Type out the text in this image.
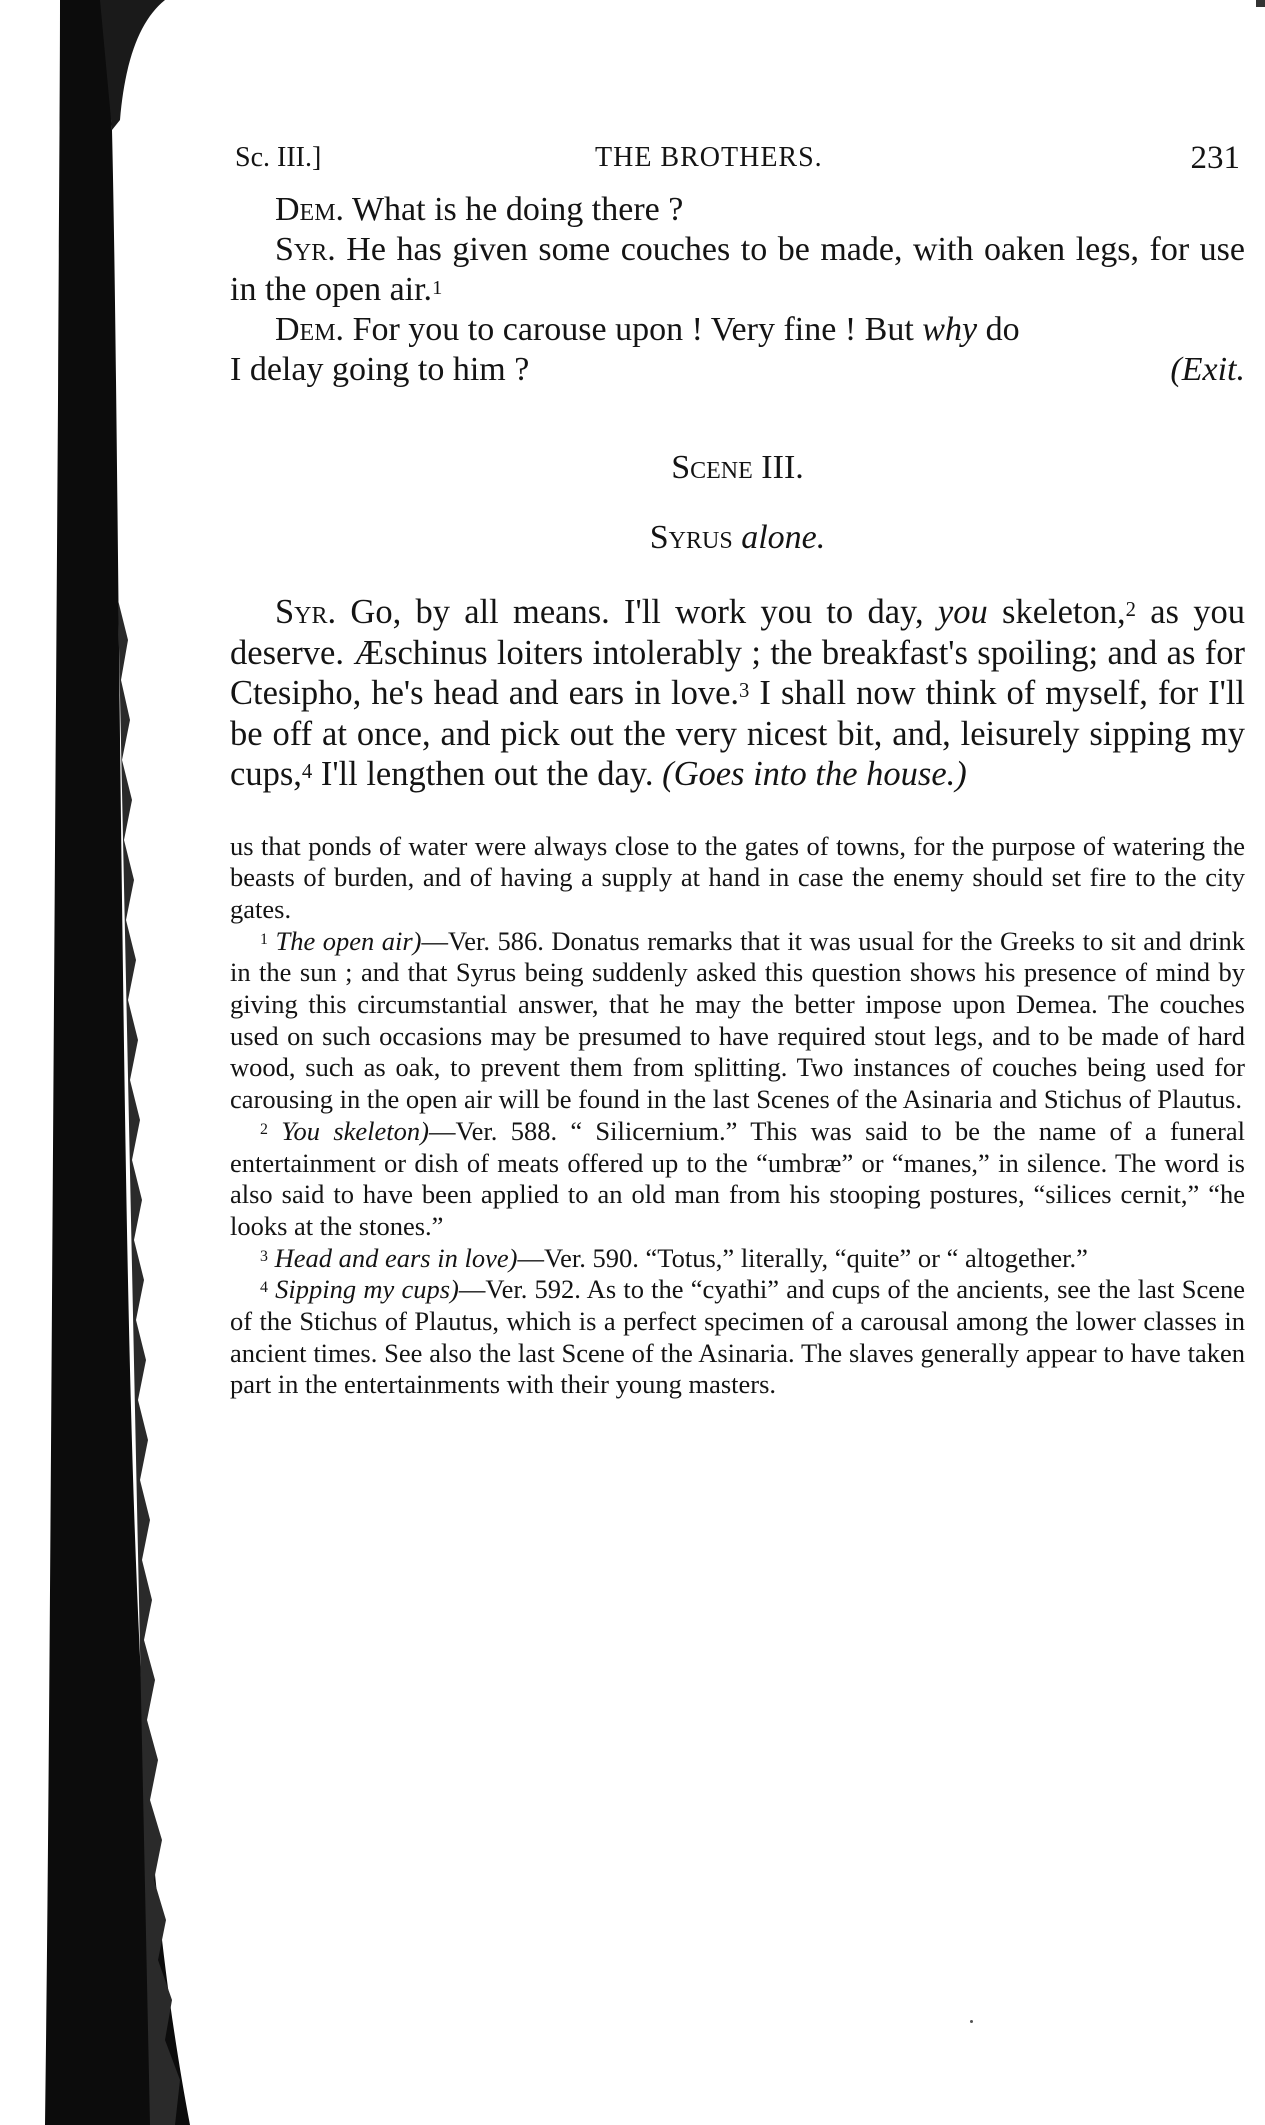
Sc. III.]	THE BROTHERS.	231

Dem. What is he doing there ?

Syr. He has given some couches to be made, with oaken legs, for use in the open air.$^1$

Dem. For you to carouse upon ! Very fine ! But why do

I delay going to him ?	(Exit.
Scene III.
Syrus alone.

Syr. Go, by all means. I'll work you to day, you skeleton,$^2$ as you deserve. Æschinus loiters intolerably ; the breakfast's spoiling; and as for Ctesipho, he's head and ears in love.$^3$ I shall now think of myself, for I'll be off at once, and pick out the very nicest bit, and, leisurely sipping my cups,$^4$ I'll lengthen out the day. (Goes into the house.)

us that ponds of water were always close to the gates of towns, for the purpose of watering the beasts of burden, and of having a supply at hand in case the enemy should set fire to the city gates.

$^1$ The open air)—Ver. 586. Donatus remarks that it was usual for the Greeks to sit and drink in the sun ; and that Syrus being suddenly asked this question shows his presence of mind by giving this circumstantial answer, that he may the better impose upon Demea. The couches used on such occasions may be presumed to have required stout legs, and to be made of hard wood, such as oak, to prevent them from splitting. Two instances of couches being used for carousing in the open air will be found in the last Scenes of the Asinaria and Stichus of Plautus.

$^2$ You skeleton)—Ver. 588. “ Silicernium.” This was said to be the name of a funeral entertainment or dish of meats offered up to the “umbræ” or “manes,” in silence. The word is also said to have been applied to an old man from his stooping postures, “silices cernit,” “he looks at the stones.”

$^3$ Head and ears in love)—Ver. 590. “Totus,” literally, “quite” or “ altogether.”

$^4$ Sipping my cups)—Ver. 592. As to the “cyathi” and cups of the ancients, see the last Scene of the Stichus of Plautus, which is a perfect specimen of a carousal among the lower classes in ancient times. See also the last Scene of the Asinaria. The slaves generally appear to have taken part in the entertainments with their young masters.
